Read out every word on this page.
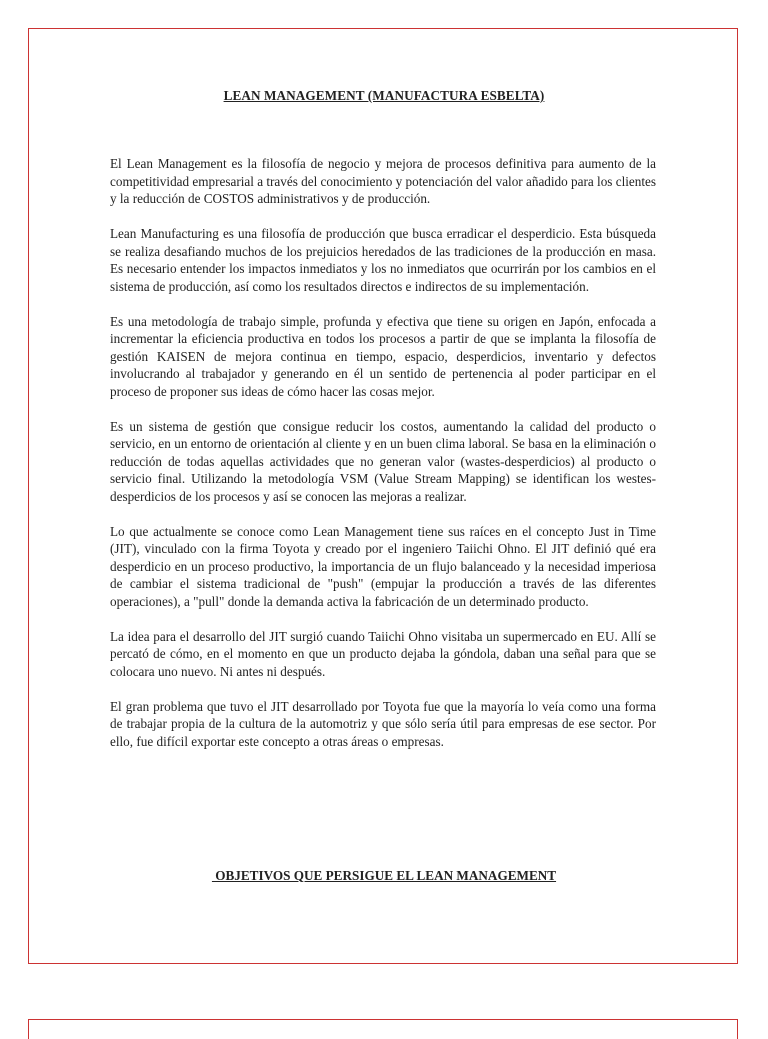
LEAN MANAGEMENT (MANUFACTURA ESBELTA)

El Lean Management es la filosofía de negocio y mejora de procesos definitiva para aumento de la competitividad empresarial a través del conocimiento y potenciación del valor añadido para los clientes y la reducción de COSTOS administrativos y de producción.

Lean Manufacturing es una filosofía de producción que busca erradicar el desperdicio. Esta búsqueda se realiza desafiando muchos de los prejuicios heredados de las tradiciones de la producción en masa. Es necesario entender los impactos inmediatos y los no inmediatos que ocurrirán por los cambios en el sistema de producción, así como los resultados directos e indirectos de su implementación.

Es una metodología de trabajo simple, profunda y efectiva que tiene su origen en Japón, enfocada a incrementar la eficiencia productiva en todos los procesos a partir de que se implanta la filosofía de gestión KAISEN de mejora continua en tiempo, espacio, desperdicios, inventario y defectos involucrando al trabajador y generando en él un sentido de pertenencia al poder participar en el proceso de proponer sus ideas de cómo hacer las cosas mejor.

Es un sistema de gestión que consigue reducir los costos, aumentando la calidad del producto o servicio, en un entorno de orientación al cliente y en un buen clima laboral. Se basa en la eliminación o reducción de todas aquellas actividades que no generan valor (wastes-desperdicios) al producto o servicio final. Utilizando la metodología VSM (Value Stream Mapping) se identifican los westes-desperdicios de los procesos y así se conocen las mejoras a realizar.

Lo que actualmente se conoce como Lean Management tiene sus raíces en el concepto Just in Time (JIT), vinculado con la firma Toyota y creado por el ingeniero Taiichi Ohno. El JIT definió qué era desperdicio en un proceso productivo, la importancia de un flujo balanceado y la necesidad imperiosa de cambiar el sistema tradicional de "push" (empujar la producción a través de las diferentes operaciones), a "pull" donde la demanda activa la fabricación de un determinado producto.

La idea para el desarrollo del JIT surgió cuando Taiichi Ohno visitaba un supermercado en EU. Allí se percató de cómo, en el momento en que un producto dejaba la góndola, daban una señal para que se colocara uno nuevo. Ni antes ni después.

El gran problema que tuvo el JIT desarrollado por Toyota fue que la mayoría lo veía como una forma de trabajar propia de la cultura de la automotriz y que sólo sería útil para empresas de ese sector. Por ello, fue difícil exportar este concepto a otras áreas o empresas.

OBJETIVOS QUE PERSIGUE EL LEAN MANAGEMENT
